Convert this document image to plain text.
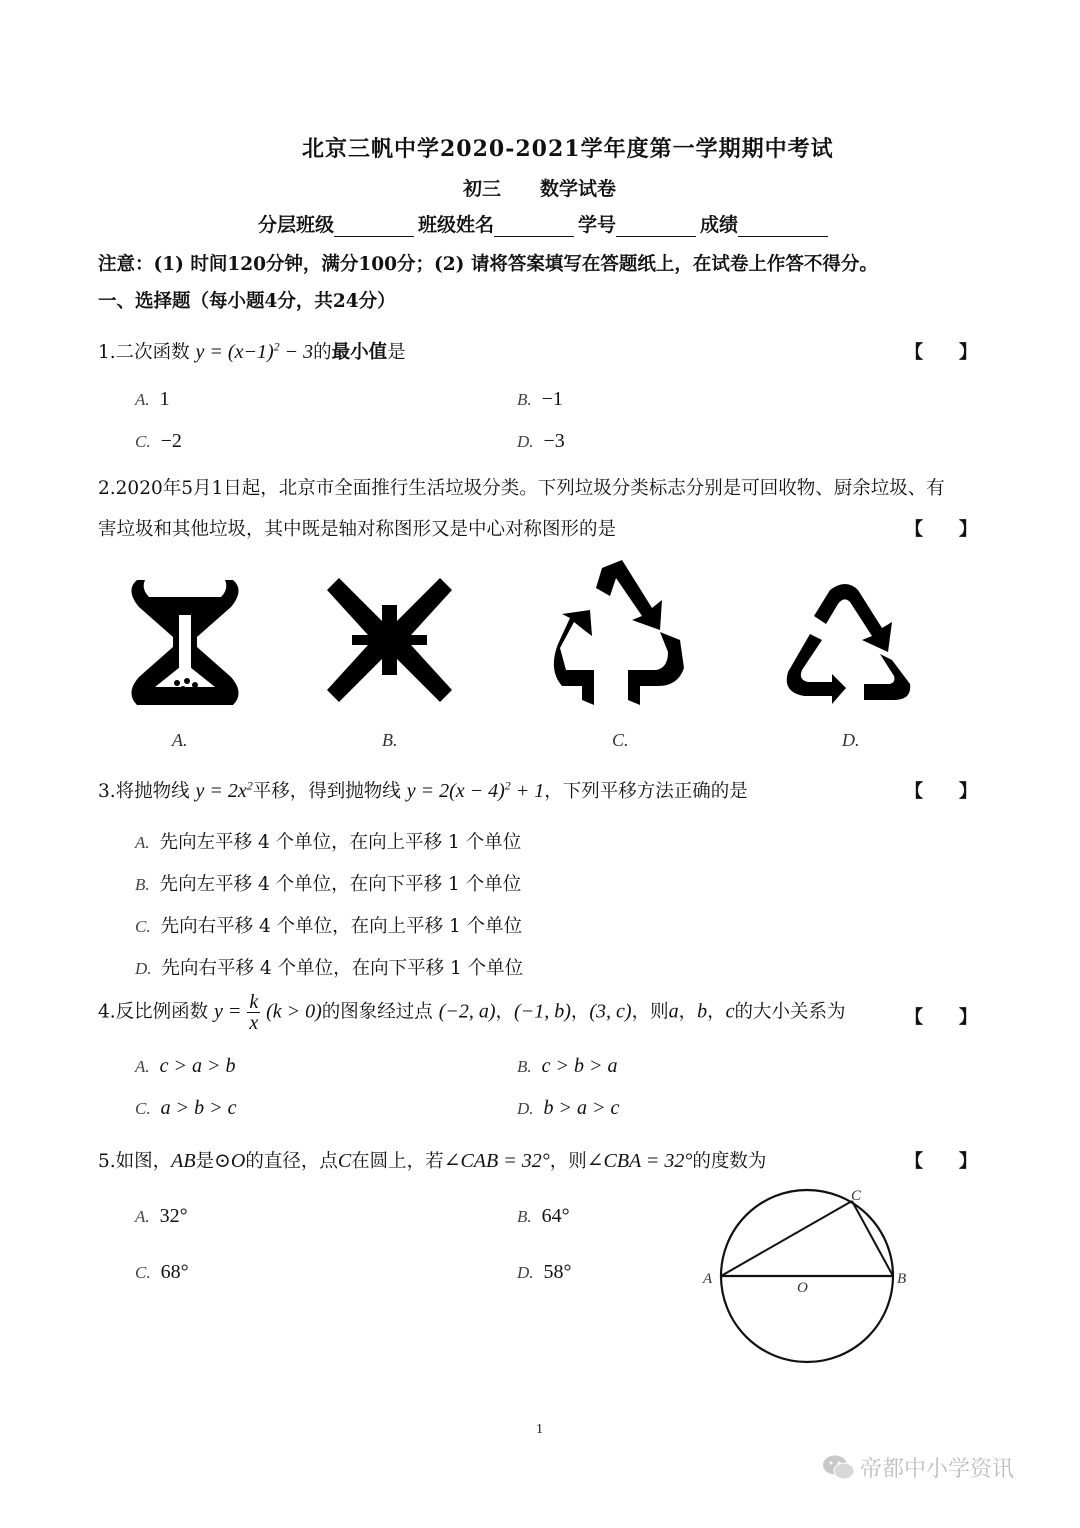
北京三帆中学2020-2021学年度第一学期期中考试
初三 数学试卷
分层班级	班级姓名	学号	成绩
注意：(1) 时间120分钟，满分100分；(2) 请将答案填写在答题纸上，在试卷上作答不得分。
一、选择题（每小题4分，共24分）
1.二次函数 $y = (x-1)^2 - 3$的最小值是	【　　】
A. 1	B. −1
C. −2	D. −3
2.2020年5月1日起，北京市全面推行生活垃圾分类。下列垃圾分类标志分别是可回收物、厨余垃圾、有
害垃圾和其他垃圾，其中既是轴对称图形又是中心对称图形的是	【　　】
A.	B.	C.	D.
3.将抛物线 $y = 2x^2$平移，得到抛物线 $y = 2(x - 4)^2 + 1$，下列平移方法正确的是	【　　】
A. 先向左平移 4 个单位，在向上平移 1 个单位
B. 先向左平移 4 个单位，在向下平移 1 个单位
C. 先向右平移 4 个单位，在向上平移 1 个单位
D. 先向右平移 4 个单位，在向下平移 1 个单位
4.反比例函数 $y = \frac{k}{x} (k > 0)$的图象经过点 (−2, a)，(−1, b)，(3, c)，则a，b，c的大小关系为	【　　】
A. c > a > b	B. c > b > a
C. a > b > c	D. b > a > c
5.如图，AB是⊙O的直径，点C在圆上，若∠CAB = 32°，则∠CBA = 32°的度数为	【　　】
A. 32°	B. 64°
C. 68°	D. 58°	A	B
C
O
1
帝都中小学资讯
